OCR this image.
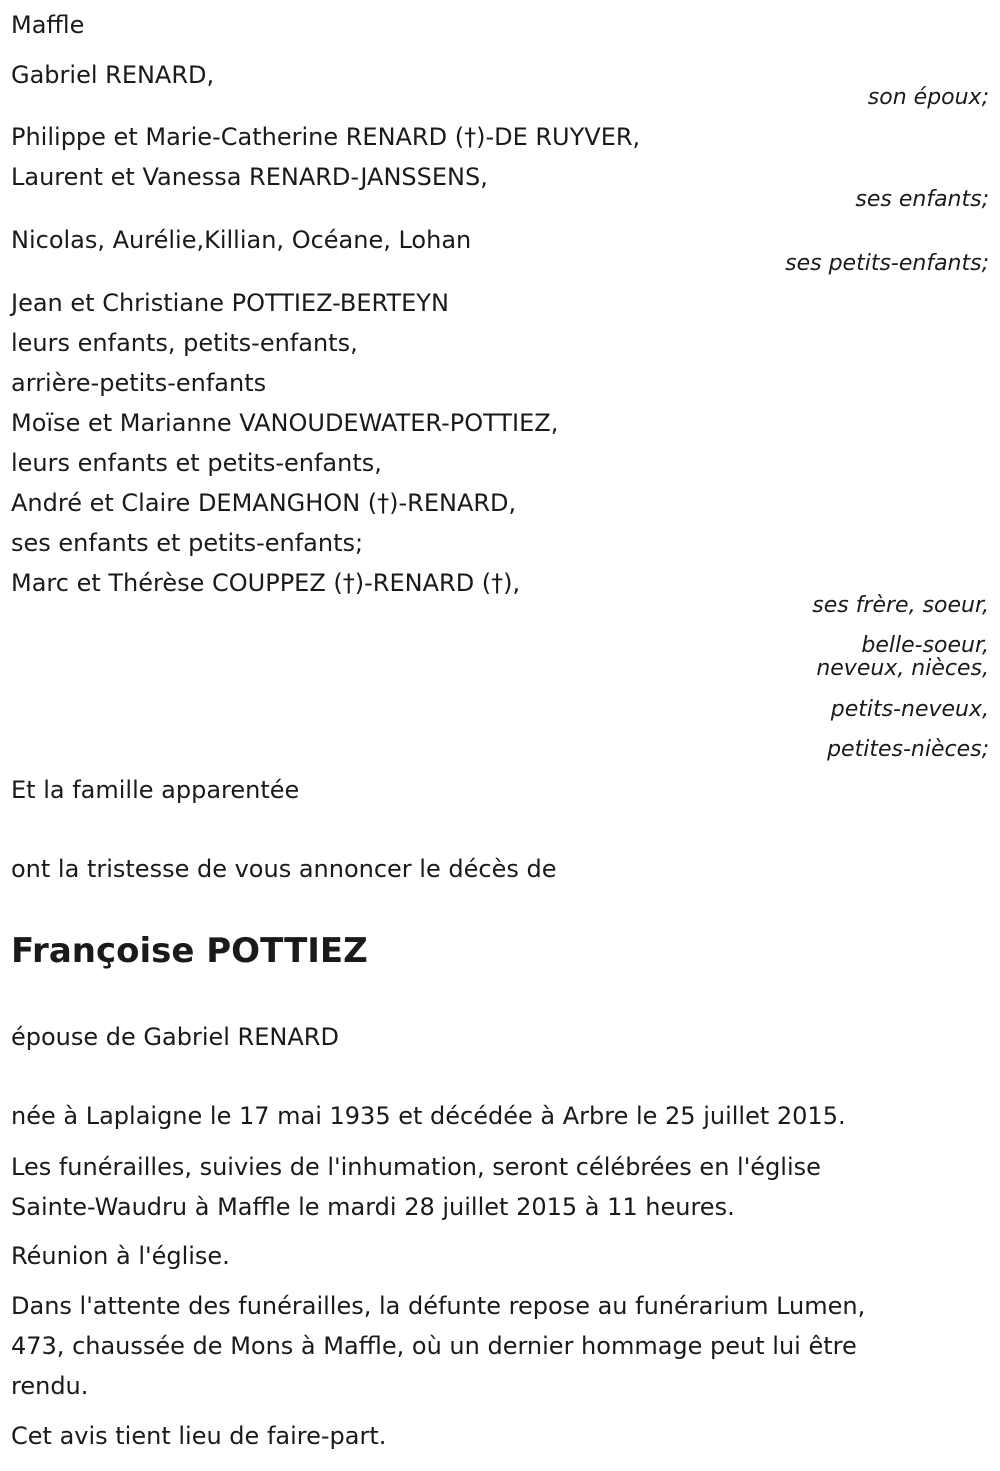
Maffle
Gabriel RENARD,
son époux;
Philippe et Marie-Catherine RENARD (†)-DE RUYVER,
Laurent et Vanessa RENARD-JANSSENS,
ses enfants;
Nicolas, Aurélie,Killian, Océane, Lohan
ses petits-enfants;
Jean et Christiane POTTIEZ-BERTEYN
leurs enfants, petits-enfants,
arrière-petits-enfants
Moïse et Marianne VANOUDEWATER-POTTIEZ,
leurs enfants et petits-enfants,
André et Claire DEMANGHON (†)-RENARD,
ses enfants et petits-enfants;
Marc et Thérèse COUPPEZ (†)-RENARD (†),
ses frère, soeur,
belle-soeur,
neveux, nièces,
petits-neveux,
petites-nièces;
Et la famille apparentée
ont la tristesse de vous annoncer le décès de
Françoise POTTIEZ
épouse de Gabriel RENARD
née à Laplaigne le 17 mai 1935 et décédée à Arbre le 25 juillet 2015.
Les funérailles, suivies de l'inhumation, seront célébrées en l'église
Sainte-Waudru à Maffle le mardi 28 juillet 2015 à 11 heures.
Réunion à l'église.
Dans l'attente des funérailles, la défunte repose au funérarium Lumen,
473, chaussée de Mons à Maffle, où un dernier hommage peut lui être
rendu.
Cet avis tient lieu de faire-part.
